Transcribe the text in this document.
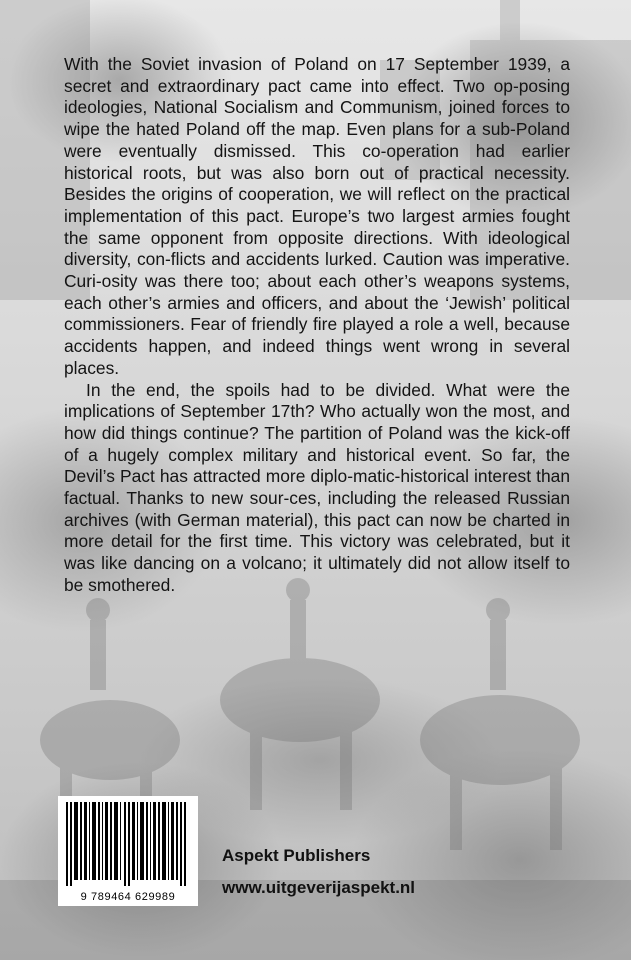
With the Soviet invasion of Poland on 17 September 1939, a secret and extraordinary pact came into effect. Two op-posing ideologies, National Socialism and Communism, joined forces to wipe the hated Poland off the map. Even plans for a sub-Poland were eventually dismissed. This co-operation had earlier historical roots, but was also born out of practical necessity. Besides the origins of cooperation, we will reflect on the practical implementation of this pact. Europe’s two largest armies fought the same opponent from opposite directions. With ideological diversity, con-flicts and accidents lurked. Caution was imperative. Curi-osity was there too; about each other’s weapons systems, each other’s armies and officers, and about the ‘Jewish’ political commissioners. Fear of friendly fire played a role a well, because accidents happen, and indeed things went wrong in several places.

In the end, the spoils had to be divided. What were the implications of September 17th? Who actually won the most, and how did things continue? The partition of Poland was the kick-off of a hugely complex military and historical event. So far, the Devil’s Pact has attracted more diplo-matic-historical interest than factual. Thanks to new sour-ces, including the released Russian archives (with German material), this pact can now be charted in more detail for the first time. This victory was celebrated, but it was like dancing on a volcano; it ultimately did not allow itself to be smothered.

9 789464 629989
Aspekt Publishers
www.uitgeverijaspekt.nl
